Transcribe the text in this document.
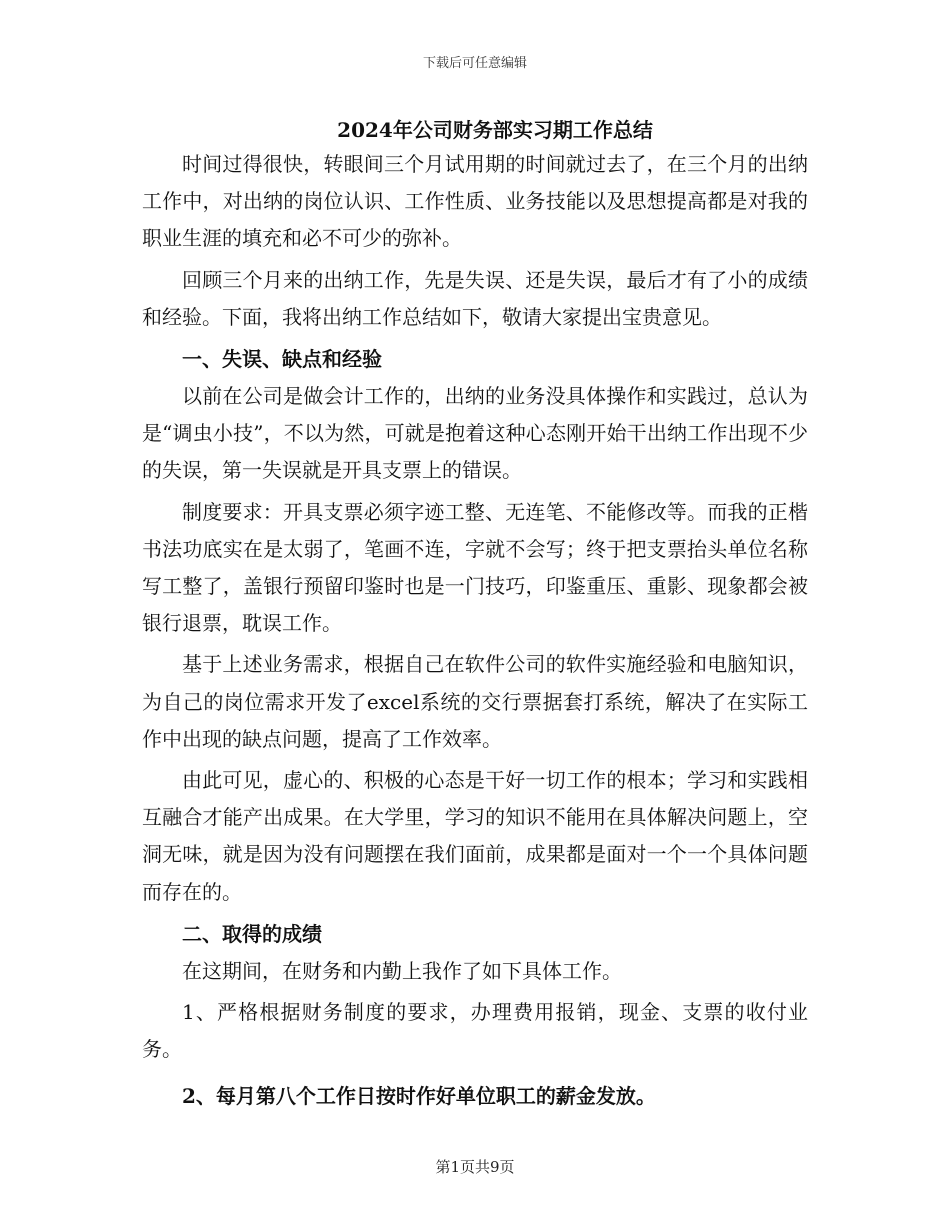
下载后可任意编辑
2024年公司财务部实习期工作总结

时间过得很快，转眼间三个月试用期的时间就过去了，在三个月的出纳工作中，对出纳的岗位认识、工作性质、业务技能以及思想提高都是对我的职业生涯的填充和必不可少的弥补。

回顾三个月来的出纳工作，先是失误、还是失误，最后才有了小的成绩和经验。下面，我将出纳工作总结如下，敬请大家提出宝贵意见。

一、失误、缺点和经验

以前在公司是做会计工作的，出纳的业务没具体操作和实践过，总认为是“调虫小技”，不以为然，可就是抱着这种心态刚开始干出纳工作出现不少的失误，第一失误就是开具支票上的错误。

制度要求：开具支票必须字迹工整、无连笔、不能修改等。而我的正楷书法功底实在是太弱了，笔画不连，字就不会写；终于把支票抬头单位名称写工整了，盖银行预留印鉴时也是一门技巧，印鉴重压、重影、现象都会被银行退票，耽误工作。

基于上述业务需求，根据自己在软件公司的软件实施经验和电脑知识，为自己的岗位需求开发了excel系统的交行票据套打系统，解决了在实际工作中出现的缺点问题，提高了工作效率。

由此可见，虚心的、积极的心态是干好一切工作的根本；学习和实践相互融合才能产出成果。在大学里，学习的知识不能用在具体解决问题上，空洞无味，就是因为没有问题摆在我们面前，成果都是面对一个一个具体问题而存在的。

二、取得的成绩

在这期间，在财务和内勤上我作了如下具体工作。

1、严格根据财务制度的要求，办理费用报销，现金、支票的收付业务。

2、每月第八个工作日按时作好单位职工的薪金发放。

第1页共9页
